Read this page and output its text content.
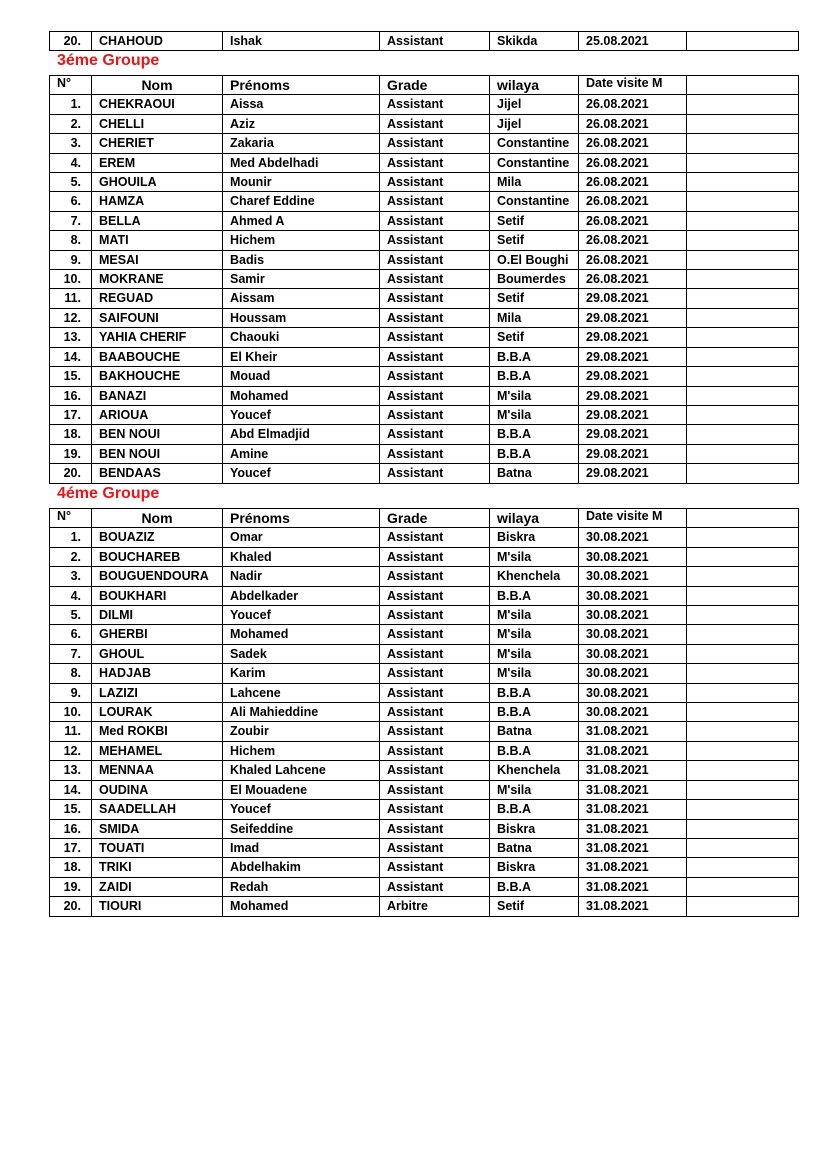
20.	CHAHOUD	Ishak	Assistant	Skikda	25.08.2021	
3éme Groupe
N°	Nom	Prénoms	Grade	wilaya	Date visite M	
1.	CHEKRAOUI	Aissa	Assistant	Jijel	26.08.2021	
2.	CHELLI	Aziz	Assistant	Jijel	26.08.2021	
3.	CHERIET	Zakaria	Assistant	Constantine	26.08.2021	
4.	EREM	Med Abdelhadi	Assistant	Constantine	26.08.2021	
5.	GHOUILA	Mounir	Assistant	Mila	26.08.2021	
6.	HAMZA	Charef Eddine	Assistant	Constantine	26.08.2021	
7.	BELLA	Ahmed A	Assistant	Setif	26.08.2021	
8.	MATI	Hichem	Assistant	Setif	26.08.2021	
9.	MESAI	Badis	Assistant	O.El Boughi	26.08.2021	
10.	MOKRANE	Samir	Assistant	Boumerdes	26.08.2021	
11.	REGUAD	Aissam	Assistant	Setif	29.08.2021	
12.	SAIFOUNI	Houssam	Assistant	Mila	29.08.2021	
13.	YAHIA CHERIF	Chaouki	Assistant	Setif	29.08.2021	
14.	BAABOUCHE	El Kheir	Assistant	B.B.A	29.08.2021	
15.	BAKHOUCHE	Mouad	Assistant	B.B.A	29.08.2021	
16.	BANAZI	Mohamed	Assistant	M'sila	29.08.2021	
17.	ARIOUA	Youcef	Assistant	M'sila	29.08.2021	
18.	BEN NOUI	Abd Elmadjid	Assistant	B.B.A	29.08.2021	
19.	BEN NOUI	Amine	Assistant	B.B.A	29.08.2021	
20.	BENDAAS	Youcef	Assistant	Batna	29.08.2021	
4éme Groupe
N°	Nom	Prénoms	Grade	wilaya	Date visite M	
1.	BOUAZIZ	Omar	Assistant	Biskra	30.08.2021	
2.	BOUCHAREB	Khaled	Assistant	M'sila	30.08.2021	
3.	BOUGUENDOURA	Nadir	Assistant	Khenchela	30.08.2021	
4.	BOUKHARI	Abdelkader	Assistant	B.B.A	30.08.2021	
5.	DILMI	Youcef	Assistant	M'sila	30.08.2021	
6.	GHERBI	Mohamed	Assistant	M'sila	30.08.2021	
7.	GHOUL	Sadek	Assistant	M'sila	30.08.2021	
8.	HADJAB	Karim	Assistant	M'sila	30.08.2021	
9.	LAZIZI	Lahcene	Assistant	B.B.A	30.08.2021	
10.	LOURAK	Ali Mahieddine	Assistant	B.B.A	30.08.2021	
11.	Med ROKBI	Zoubir	Assistant	Batna	31.08.2021	
12.	MEHAMEL	Hichem	Assistant	B.B.A	31.08.2021	
13.	MENNAA	Khaled Lahcene	Assistant	Khenchela	31.08.2021	
14.	OUDINA	El Mouadene	Assistant	M'sila	31.08.2021	
15.	SAADELLAH	Youcef	Assistant	B.B.A	31.08.2021	
16.	SMIDA	Seifeddine	Assistant	Biskra	31.08.2021	
17.	TOUATI	Imad	Assistant	Batna	31.08.2021	
18.	TRIKI	Abdelhakim	Assistant	Biskra	31.08.2021	
19.	ZAIDI	Redah	Assistant	B.B.A	31.08.2021	
20.	TIOURI	Mohamed	Arbitre	Setif	31.08.2021	
